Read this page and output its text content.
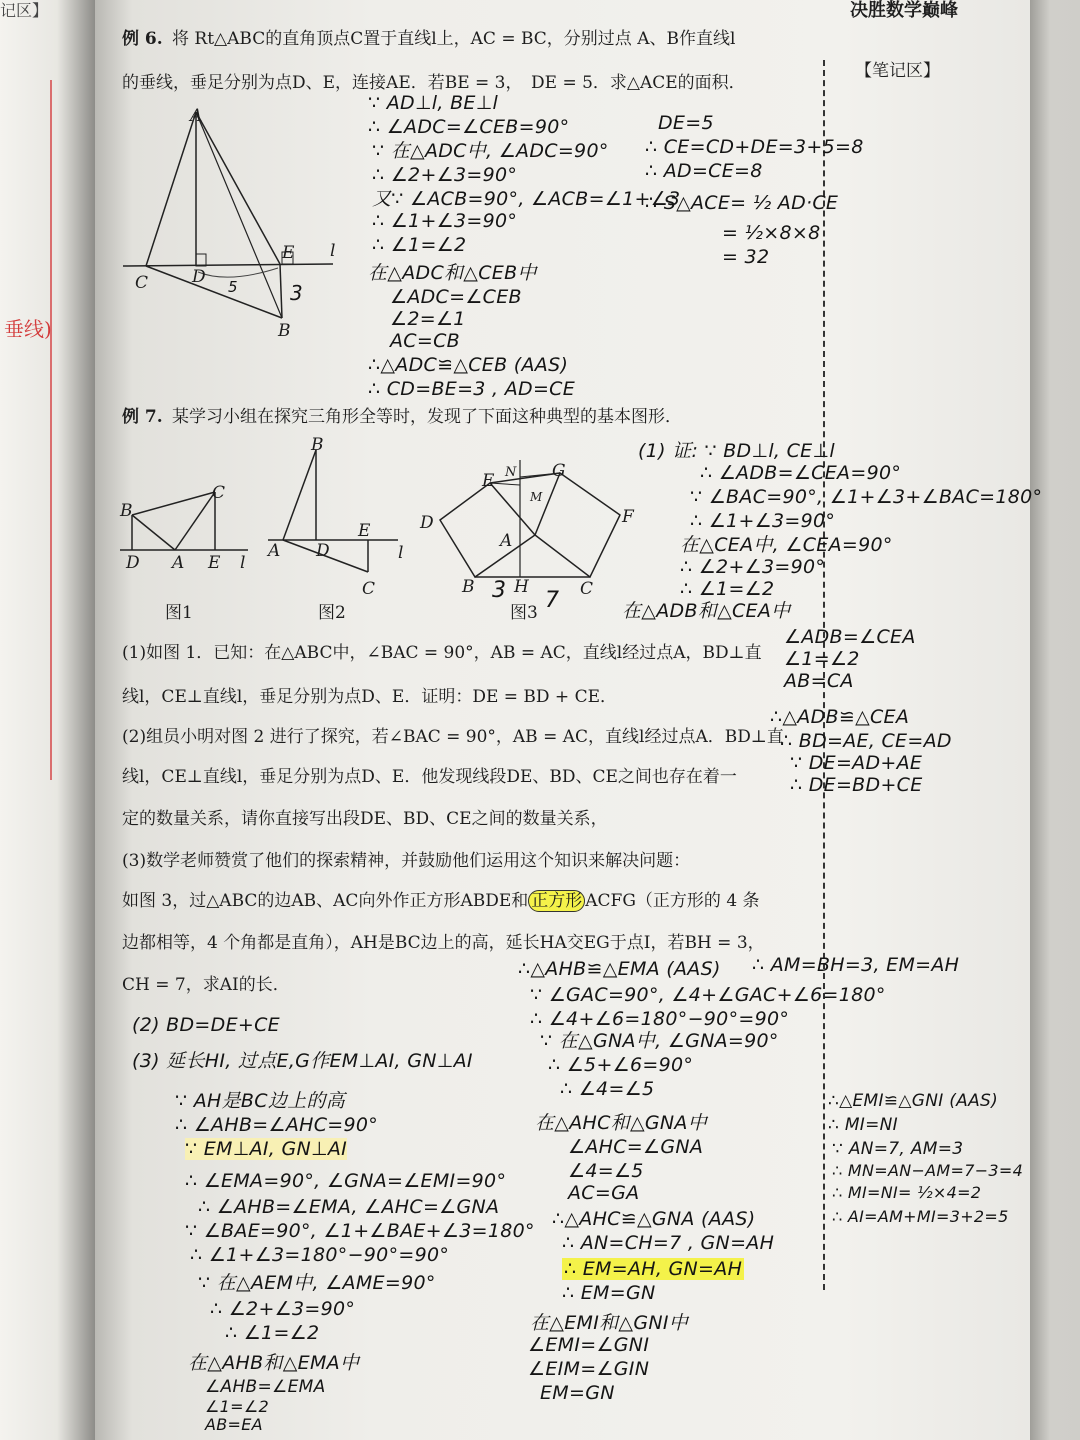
垂线)
记区】	决胜数学巅峰
【笔记区】
例 6. 将 Rt△ABC的直角顶点C置于直线l上，AC = BC，分别过点 A、B作直线l
的垂线，垂足分别为点D、E，连接AE．若BE = 3，　DE = 5．求△ACE的面积．
A
C	D
E l
B
5	3
∵ AD⊥l, BE⊥l
∴ ∠ADC=∠CEB=90°
∵ 在△ADC中, ∠ADC=90°
∴ ∠2+∠3=90°
又∵ ∠ACB=90°, ∠ACB=∠1+∠3
∴ ∠1+∠3=90°
∴ ∠1=∠2
在△ADC和△CEB中
∠ADC=∠CEB
∠2=∠1
AC=CB
∴△ADC≌△CEB (AAS)
∴ CD=BE=3 , AD=CE
DE=5
∴ CE=CD+DE=3+5=8
∴ AD=CE=8
∴ S△ACE= ½ AD·CE
= ½×8×8
= 32
例 7. 某学习小组在探究三角形全等时，发现了下面这种典型的基本图形．
B
C
D A E l
B
A D
E
l
C
E N G
M
D	F
A
B H	C
3 7
图1	图2	图3
(1)如图 1．已知：在△ABC中，∠BAC = 90°，AB = AC，直线l经过点A，BD⊥直
线l，CE⊥直线l，垂足分别为点D、E．证明：DE = BD + CE．
(2)组员小明对图 2 进行了探究，若∠BAC = 90°，AB = AC，直线l经过点A．BD⊥直
线l，CE⊥直线l，垂足分别为点D、E．他发现线段DE、BD、CE之间也存在着一
定的数量关系，请你直接写出段DE、BD、CE之间的数量关系，
(3)数学老师赞赏了他们的探索精神，并鼓励他们运用这个知识来解决问题：
如图 3，过△ABC的边AB、AC向外作正方形ABDE和 正方形 ACFG（正方形的 4 条
边都相等，4 个角都是直角），AH是BC边上的高，延长HA交EG于点I，若BH = 3，
CH = 7，求AI的长．
(1) 证: ∵ BD⊥l, CE⊥l
∴ ∠ADB=∠CEA=90°
∵ ∠BAC=90°, ∠1+∠3+∠BAC=180°
∴ ∠1+∠3=90°
在△CEA中, ∠CEA=90°
∴ ∠2+∠3=90°
∴ ∠1=∠2
在△ADB和△CEA中
∠ADB=∠CEA
∠1=∠2
AB=CA
∴△ADB≌△CEA
∴ BD=AE, CE=AD
∵ DE=AD+AE
∴ DE=BD+CE
(2) BD=DE+CE
(3) 延长HI, 过点E,G作EM⊥AI, GN⊥AI
∵ AH是BC边上的高
∴ ∠AHB=∠AHC=90°
∵ EM⊥AI, GN⊥AI
∴ ∠EMA=90°, ∠GNA=∠EMI=90°
∴ ∠AHB=∠EMA, ∠AHC=∠GNA
∵ ∠BAE=90°, ∠1+∠BAE+∠3=180°
∴ ∠1+∠3=180°−90°=90°
∵ 在△AEM中, ∠AME=90°
∴ ∠2+∠3=90°
∴ ∠1=∠2
在△AHB和△EMA中
∠AHB=∠EMA
∠1=∠2
AB=EA
∴△AHB≌△EMA (AAS) ∴ AM=BH=3, EM=AH
∵ ∠GAC=90°, ∠4+∠GAC+∠6=180°
∴ ∠4+∠6=180°−90°=90°
∵ 在△GNA中, ∠GNA=90°
∴ ∠5+∠6=90°
∴ ∠4=∠5
在△AHC和△GNA中
∠AHC=∠GNA
∠4=∠5
AC=GA
∴△AHC≌△GNA (AAS)
∴ AN=CH=7 , GN=AH
∴ EM=AH, GN=AH
∴ EM=GN
在△EMI和△GNI中
∠EMI=∠GNI
∠EIM=∠GIN
EM=GN
∴△EMI≌△GNI (AAS)
∴ MI=NI
∵ AN=7, AM=3
∴ MN=AN−AM=7−3=4
∴ MI=NI= ½×4=2
∴ AI=AM+MI=3+2=5
